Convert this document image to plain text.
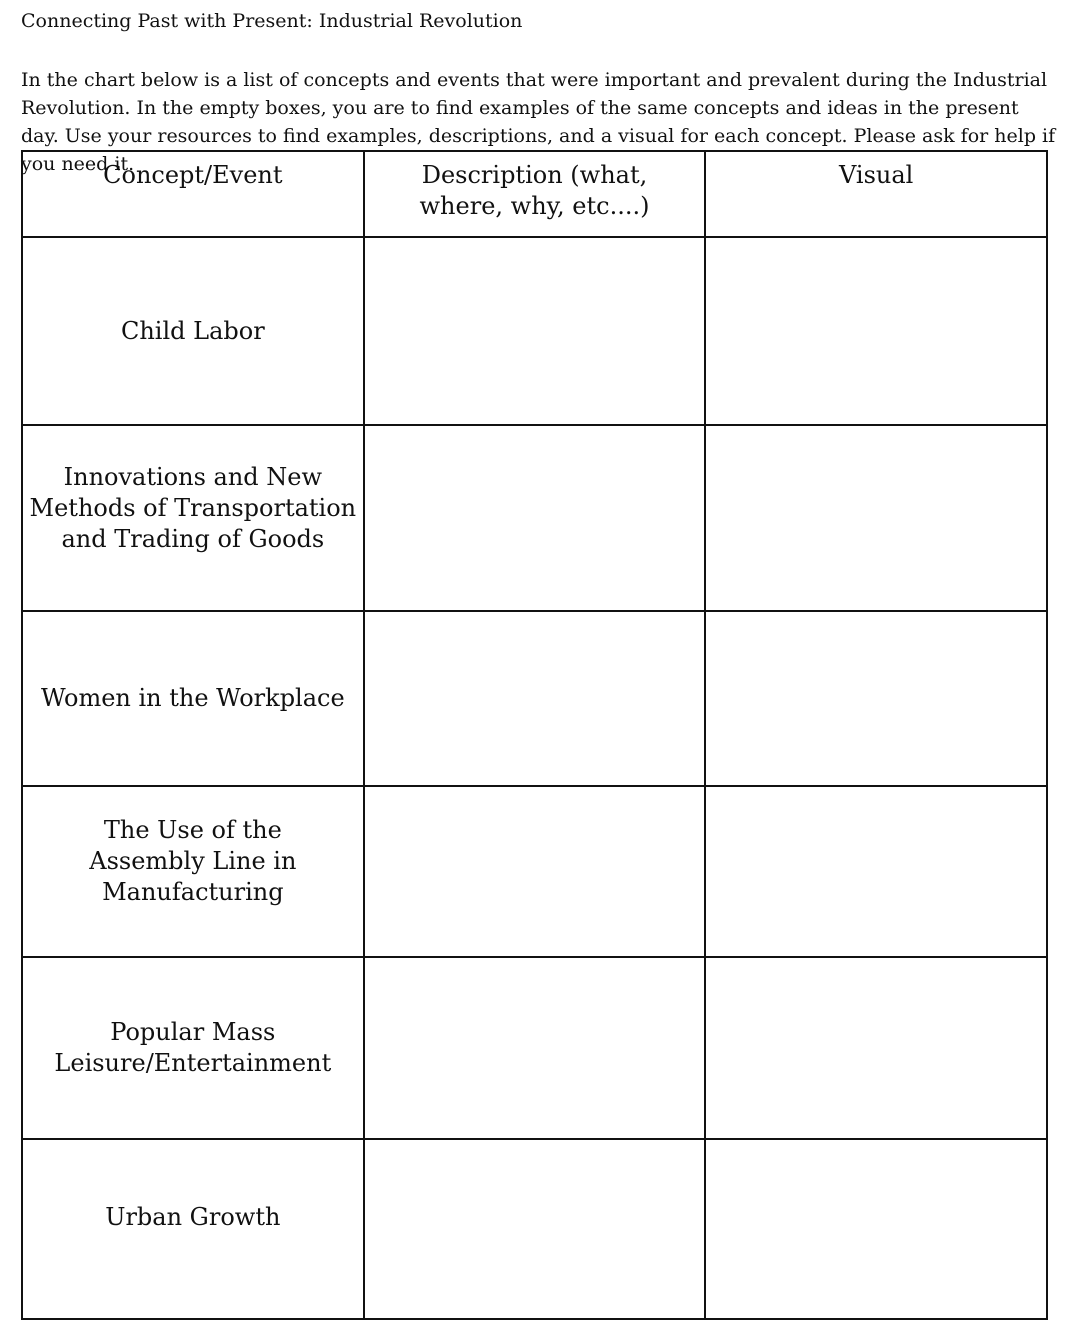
Connecting Past with Present: Industrial Revolution
In the chart below is a list of concepts and events that were important and prevalent during the Industrial Revolution. In the empty boxes, you are to find examples of the same concepts and ideas in the present day. Use your resources to find examples, descriptions, and a visual for each concept. Please ask for help if you need it.
Concept/Event	Description (what, where, why, etc....)	Visual
Child Labor		
Innovations and New Methods of Transportation and Trading of Goods		
Women in the Workplace		
The Use of the Assembly Line in Manufacturing		
Popular Mass Leisure/Entertainment		
Urban Growth		
